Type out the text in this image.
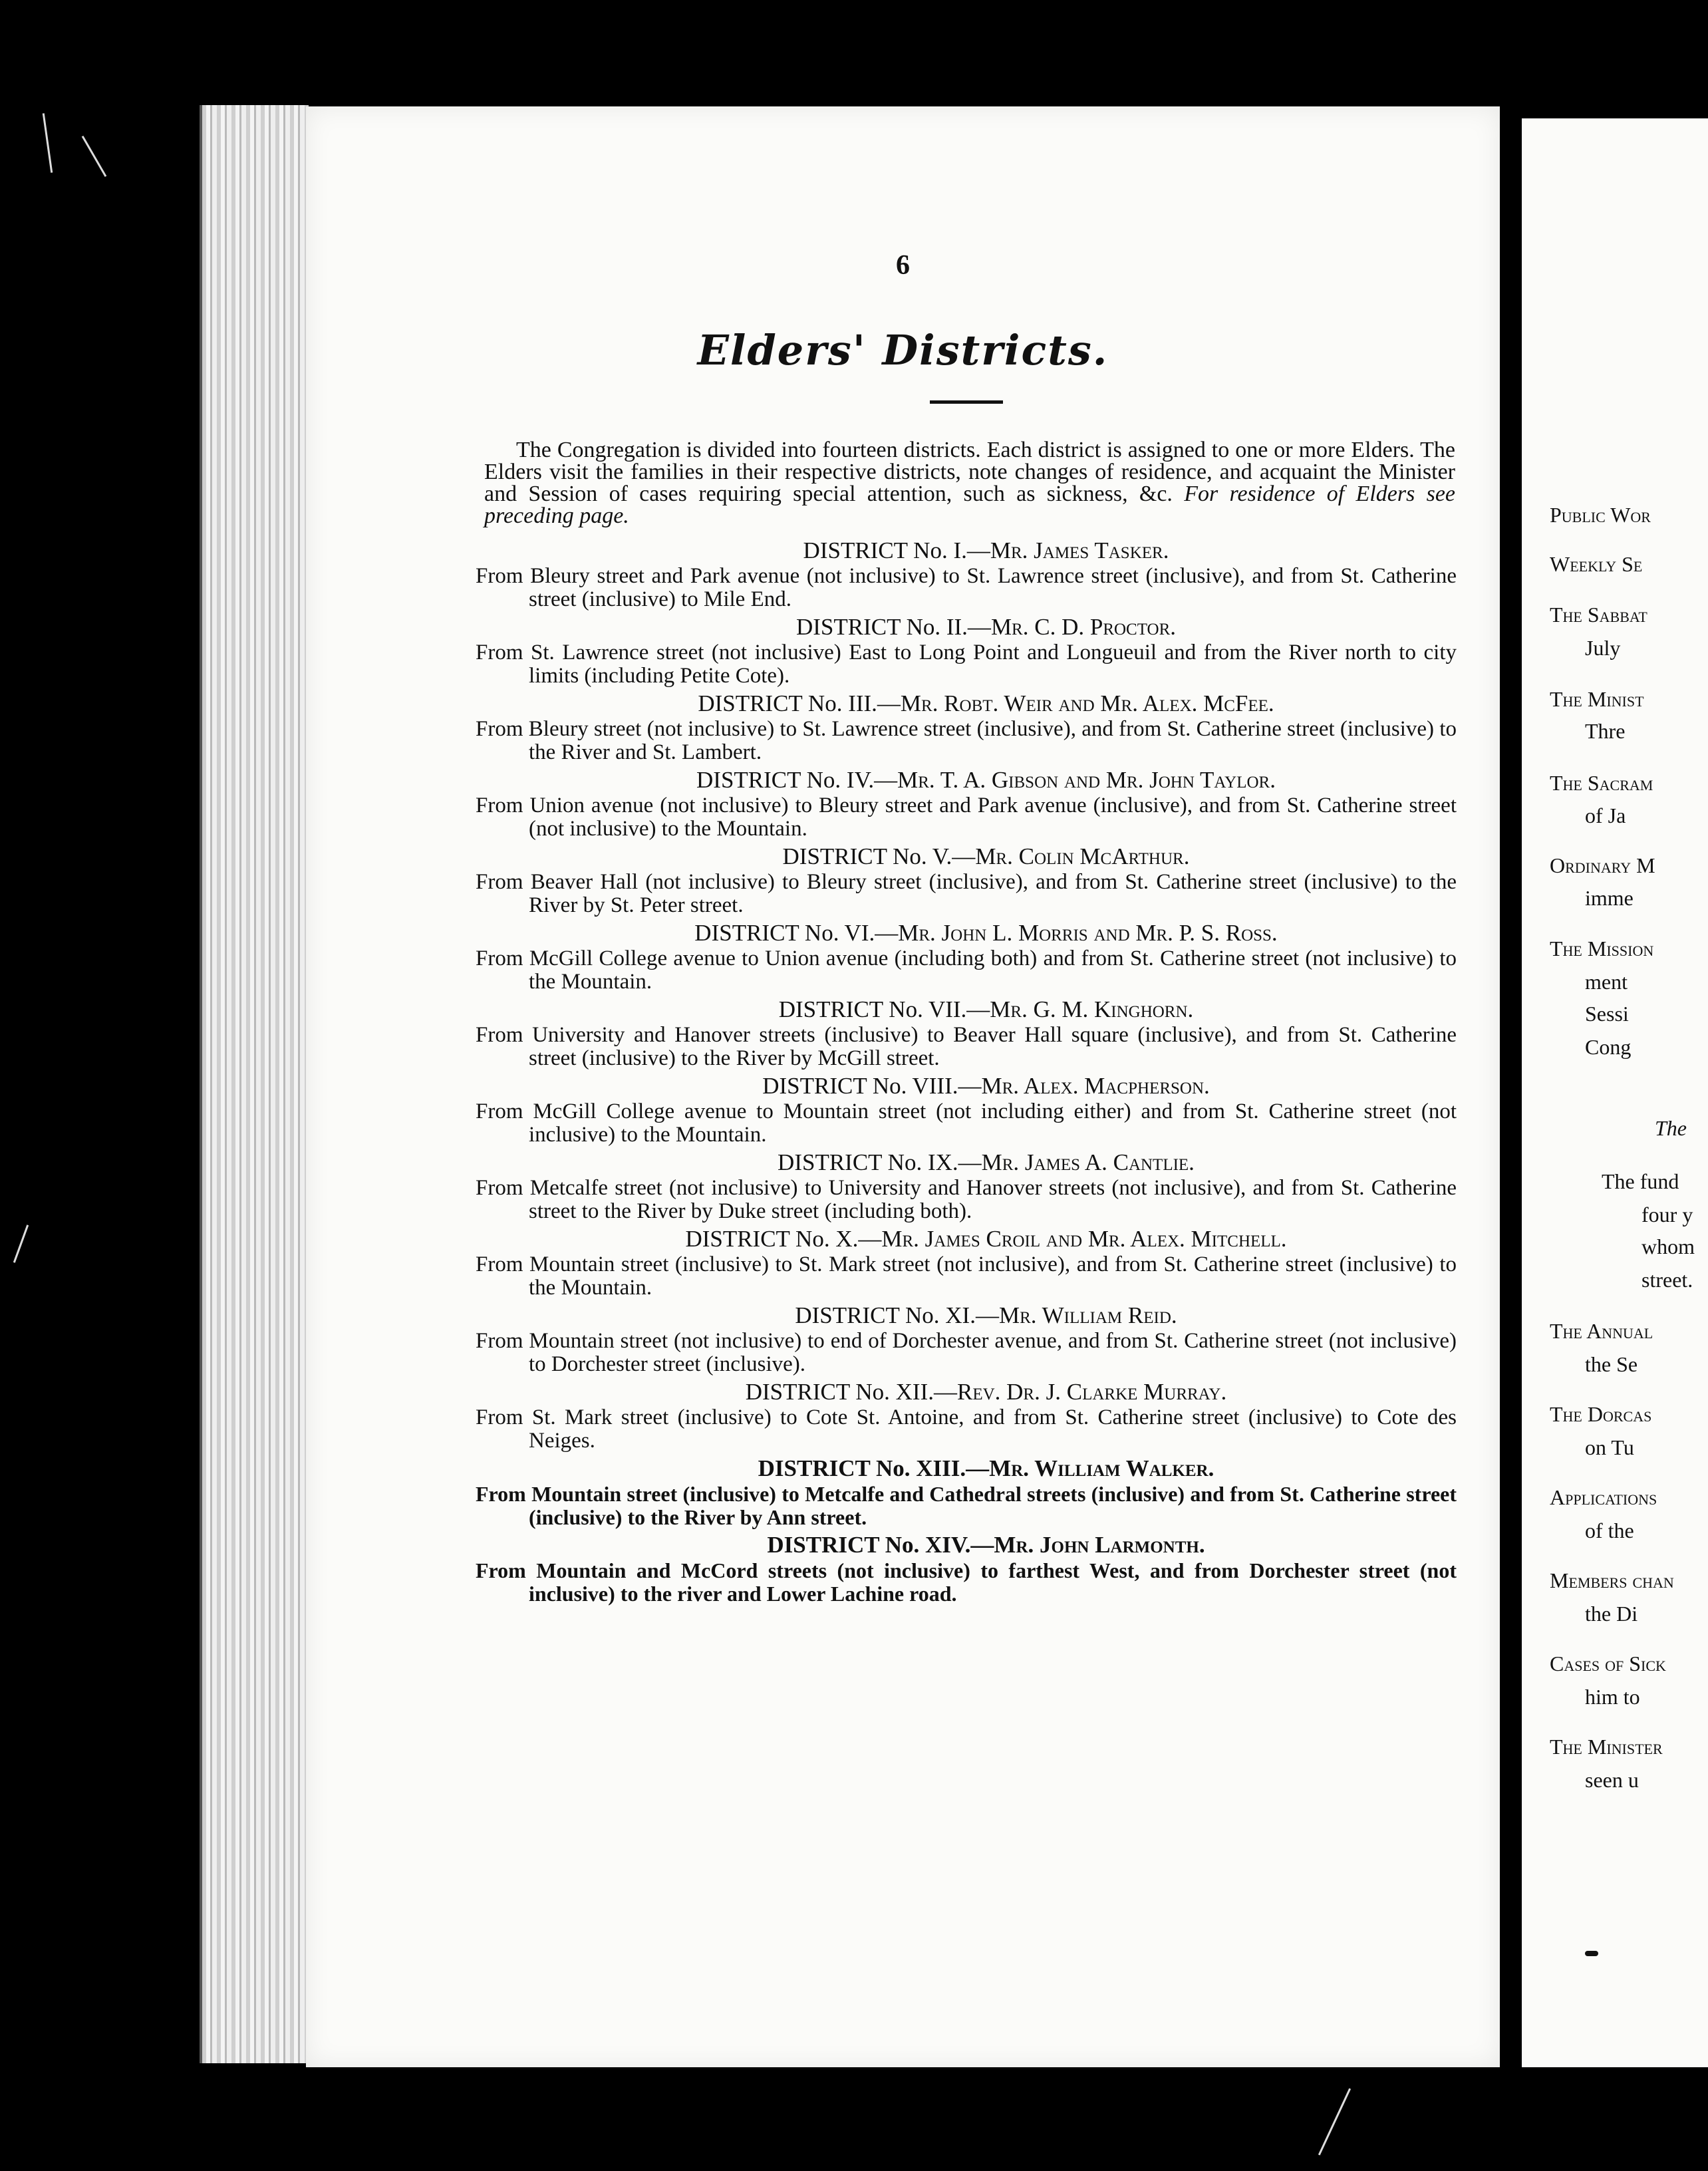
6
Elders' Districts.

The Congregation is divided into fourteen districts. Each district is assigned to one or more Elders. The Elders visit the families in their respective districts, note changes of residence, and acquaint the Minister and Session of cases requiring special attention, such as sickness, &c. For residence of Elders see preceding page.

DISTRICT No. I.—Mr. James Tasker.
From Bleury street and Park avenue (not inclusive) to St. Lawrence street (inclusive), and from St. Catherine street (inclusive) to Mile End.
DISTRICT No. II.—Mr. C. D. Proctor.
From St. Lawrence street (not inclusive) East to Long Point and Longueuil and from the River north to city limits (including Petite Cote).
DISTRICT No. III.—Mr. Robt. Weir and Mr. Alex. McFee.
From Bleury street (not inclusive) to St. Lawrence street (inclusive), and from St. Catherine street (inclusive) to the River and St. Lambert.
DISTRICT No. IV.—Mr. T. A. Gibson and Mr. John Taylor.
From Union avenue (not inclusive) to Bleury street and Park avenue (inclusive), and from St. Catherine street (not inclusive) to the Mountain.
DISTRICT No. V.—Mr. Colin McArthur.
From Beaver Hall (not inclusive) to Bleury street (inclusive), and from St. Catherine street (inclusive) to the River by St. Peter street.
DISTRICT No. VI.—Mr. John L. Morris and Mr. P. S. Ross.
From McGill College avenue to Union avenue (including both) and from St. Catherine street (not inclusive) to the Mountain.
DISTRICT No. VII.—Mr. G. M. Kinghorn.
From University and Hanover streets (inclusive) to Beaver Hall square (inclusive), and from St. Catherine street (inclusive) to the River by McGill street.
DISTRICT No. VIII.—Mr. Alex. Macpherson.
From McGill College avenue to Mountain street (not including either) and from St. Catherine street (not inclusive) to the Mountain.
DISTRICT No. IX.—Mr. James A. Cantlie.
From Metcalfe street (not inclusive) to University and Hanover streets (not inclusive), and from St. Catherine street to the River by Duke street (including both).
DISTRICT No. X.—Mr. James Croil and Mr. Alex. Mitchell.
From Mountain street (inclusive) to St. Mark street (not inclusive), and from St. Catherine street (inclusive) to the Mountain.
DISTRICT No. XI.—Mr. William Reid.
From Mountain street (not inclusive) to end of Dorchester avenue, and from St. Catherine street (not inclusive) to Dorchester street (inclusive).
DISTRICT No. XII.—Rev. Dr. J. Clarke Murray.
From St. Mark street (inclusive) to Cote St. Antoine, and from St. Catherine street (inclusive) to Cote des Neiges.
DISTRICT No. XIII.—Mr. William Walker.
From Mountain street (inclusive) to Metcalfe and Cathedral streets (inclusive) and from St. Catherine street (inclusive) to the River by Ann street.
DISTRICT No. XIV.—Mr. John Larmonth.
From Mountain and McCord streets (not inclusive) to farthest West, and from Dorchester street (not inclusive) to the river and Lower Lachine road.
Public Wor
Weekly Se
The Sabbat
July
The Minist
Thre
The Sacram
of Ja
Ordinary M
imme
The Mission
ment
Sessi
Cong
The
The fund
four y
whom
street.
The Annual
the Se
The Dorcas
on Tu
Applications
of the
Members chan
the Di
Cases of Sick
him to
The Minister
seen u
